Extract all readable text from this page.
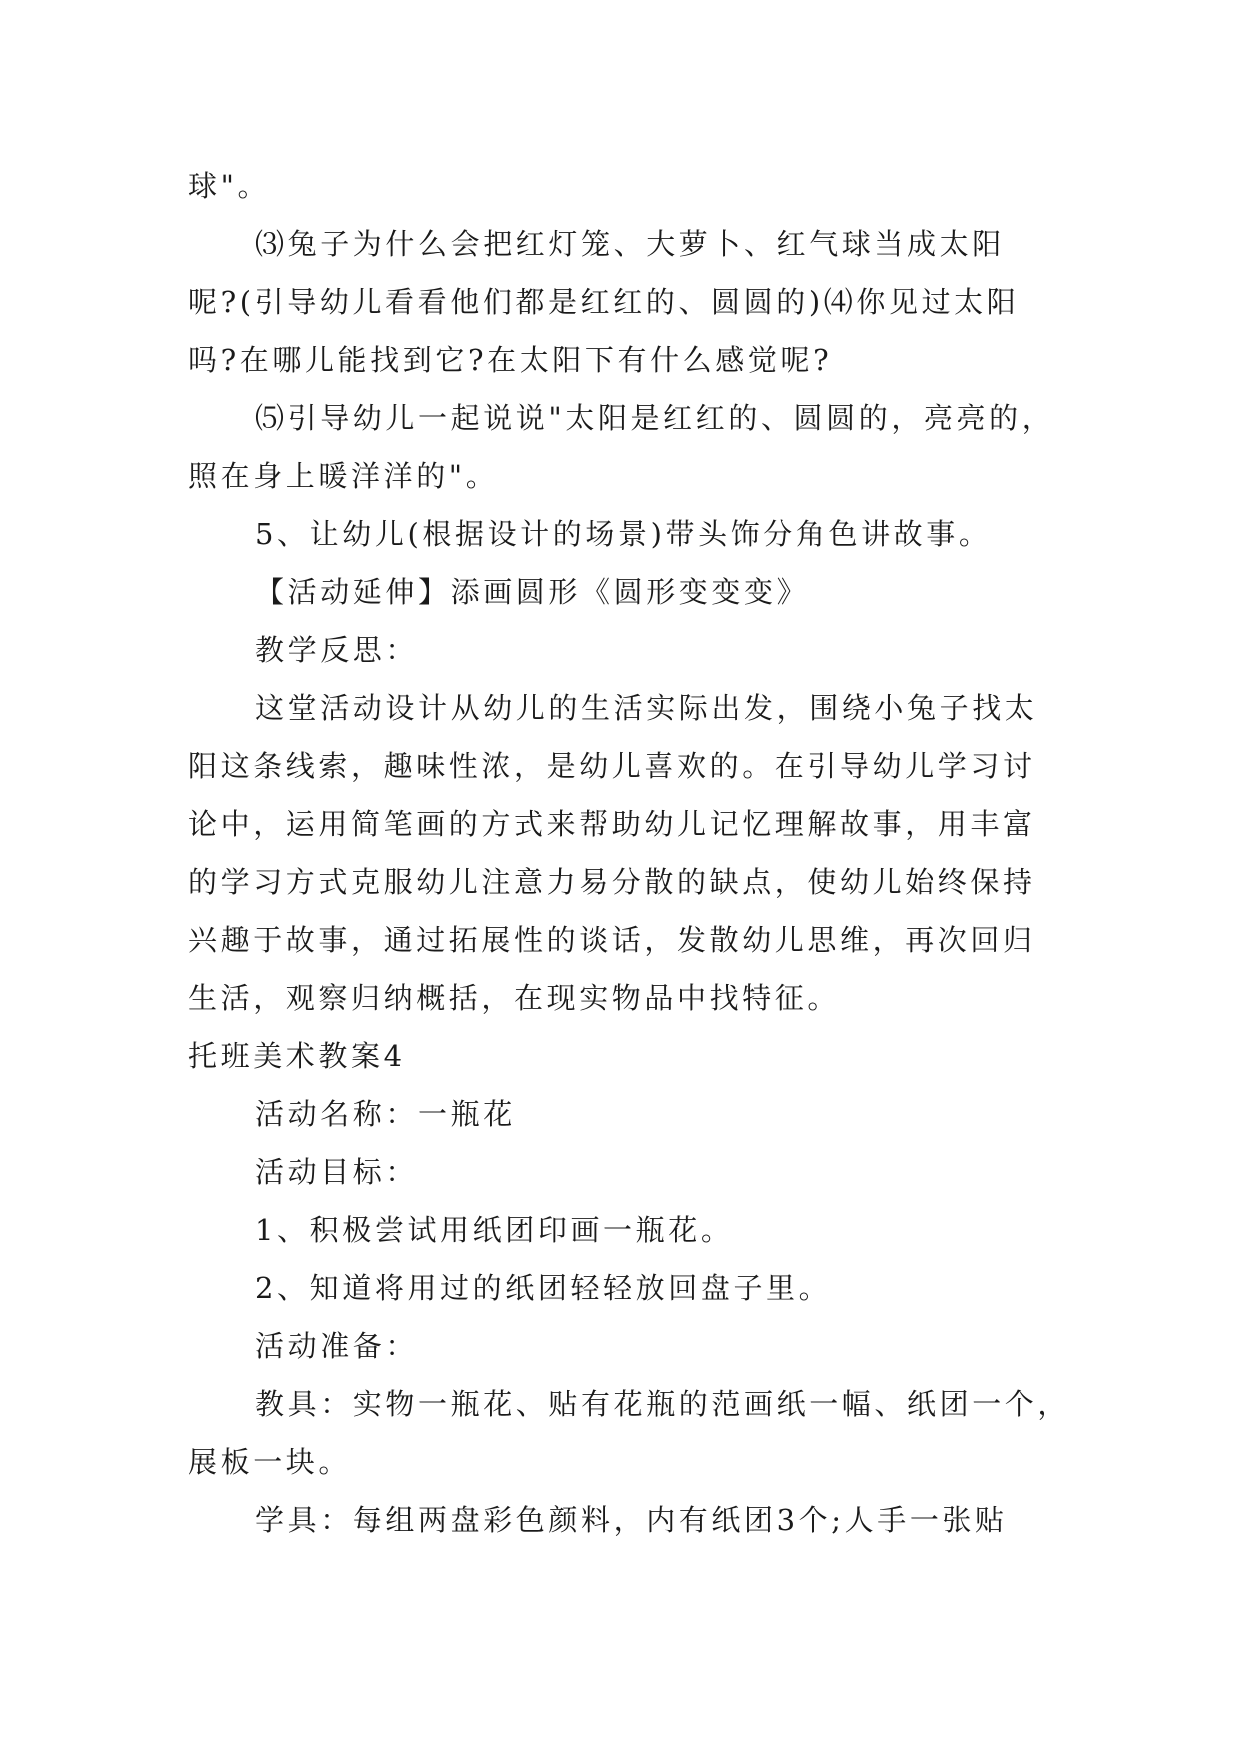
球"。
⑶兔子为什么会把红灯笼、大萝卜、红气球当成太阳
呢?(引导幼儿看看他们都是红红的、圆圆的)⑷你见过太阳
吗?在哪儿能找到它?在太阳下有什么感觉呢?
⑸引导幼儿一起说说"太阳是红红的、圆圆的，亮亮的，
照在身上暖洋洋的"。
5、让幼儿(根据设计的场景)带头饰分角色讲故事。
【活动延伸】添画圆形《圆形变变变》
教学反思：
这堂活动设计从幼儿的生活实际出发，围绕小兔子找太
阳这条线索，趣味性浓，是幼儿喜欢的。在引导幼儿学习讨
论中，运用简笔画的方式来帮助幼儿记忆理解故事，用丰富
的学习方式克服幼儿注意力易分散的缺点，使幼儿始终保持
兴趣于故事，通过拓展性的谈话，发散幼儿思维，再次回归
生活，观察归纳概括，在现实物品中找特征。
托班美术教案4
活动名称：一瓶花
活动目标：
1、积极尝试用纸团印画一瓶花。
2、知道将用过的纸团轻轻放回盘子里。
活动准备：
教具：实物一瓶花、贴有花瓶的范画纸一幅、纸团一个，
展板一块。
学具：每组两盘彩色颜料，内有纸团3个;人手一张贴
